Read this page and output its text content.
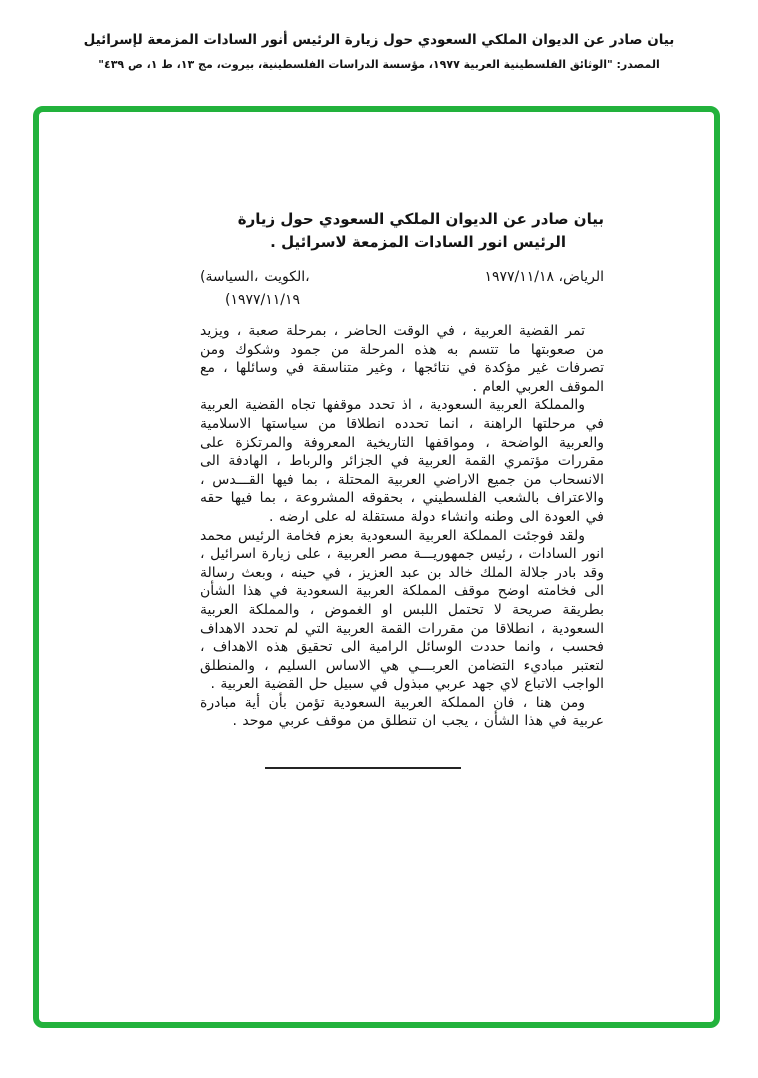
بيان صادر عن الديوان الملكي السعودي حول زيارة الرئيس أنور السادات المزمعة لإسرائيل
المصدر: "الوثائق الفلسطينية العربية ١٩٧٧، مؤسسة الدراسات الفلسطينية، بيروت، مج ١٣، ط ١، ص ٤٣٩"
بيان صادر عن الديوان الملكي السعودي حول زيارة
الرئيس انور السادات المزمعة لاسرائيل .
( السياسة، الكويت،	الرياض، ١٩٧٧/١١/١٨
(١٩٧٧/١١/١٩

تمر القضية العربية ، في الوقت الحاضر ، بمرحلة صعبة ، ويزيد من صعوبتها ما تتسم به هذه المرحلة من جمود وشكوك ومن تصرفات غير مؤكدة في نتائجها ، وغير متناسقة في وسائلها ، مع الموقف العربي العام .

والمملكة العربية السعودية ، اذ تحدد موقفها تجاه القضية العربية في مرحلتها الراهنة ، انما تحدده انطلاقا من سياستها الاسلامية والعربية الواضحة ، ومواقفها التاريخية المعروفة والمرتكزة على مقررات مؤتمري القمة العربية في الجزائر والرباط ، الهادفة الى الانسحاب من جميع الاراضي العربية المحتلة ، بما فيها القـــدس ، والاعتراف بالشعب الفلسطيني ، بحقوقه المشروعة ، بما فيها حقه في العودة الى وطنه وانشاء دولة مستقلة له على ارضه .

ولقد فوجئت المملكة العربية السعودية بعزم فخامة الرئيس محمد انور السادات ، رئيس جمهوريـــة مصر العربية ، على زيارة اسرائيل ، وقد بادر جلالة الملك خالد بن عبد العزيز ، في حينه ، وبعث رسالة الى فخامته اوضح موقف المملكة العربية السعودية في هذا الشأن بطريقة صريحة لا تحتمل اللبس او الغموض ، والمملكة العربية السعودية ، انطلاقا من مقررات القمة العربية التي لم تحدد الاهداف فحسب ، وانما حددت الوسائل الرامية الى تحقيق هذه الاهداف ، لتعتبر مباديء التضامن العربـــي هي الاساس السليم ، والمنطلق الواجب الاتباع لاي جهد عربي مبذول في سبيل حل القضية العربية .

ومن هنا ، فان المملكة العربية السعودية تؤمن بأن أية مبادرة عربية في هذا الشأن ، يجب ان تنطلق من موقف عربي موحد .
